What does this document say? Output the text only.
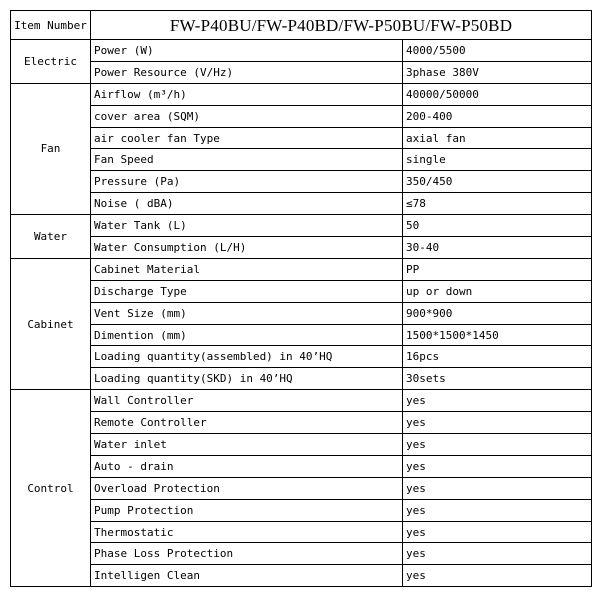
Item Number	FW-P40BU/FW-P40BD/FW-P50BU/FW-P50BD	
Electric	Power (W)	4000/5500
	Power Resource (V/Hz)	3phase 380V
Fan	Airflow (m³/h)	40000/50000
	cover area (SQM)	200-400
	air cooler fan Type	axial fan
	Fan Speed	single
	Pressure (Pa)	350/450
	Noise ( dBA)	≤78
Water	Water Tank (L)	50
	Water Consumption (L/H)	30-40
Cabinet	Cabinet Material	PP
	Discharge Type	up or down
	Vent Size (mm)	900*900
	Dimention (mm)	1500*1500*1450
	Loading quantity(assembled) in 40’HQ	16pcs
	Loading quantity(SKD) in 40’HQ	30sets
Control	Wall Controller	yes
	Remote Controller	yes
	Water inlet	yes
	Auto - drain	yes
	Overload Protection	yes
	Pump Protection	yes
	Thermostatic	yes
	Phase Loss Protection	yes
	Intelligen Clean	yes
